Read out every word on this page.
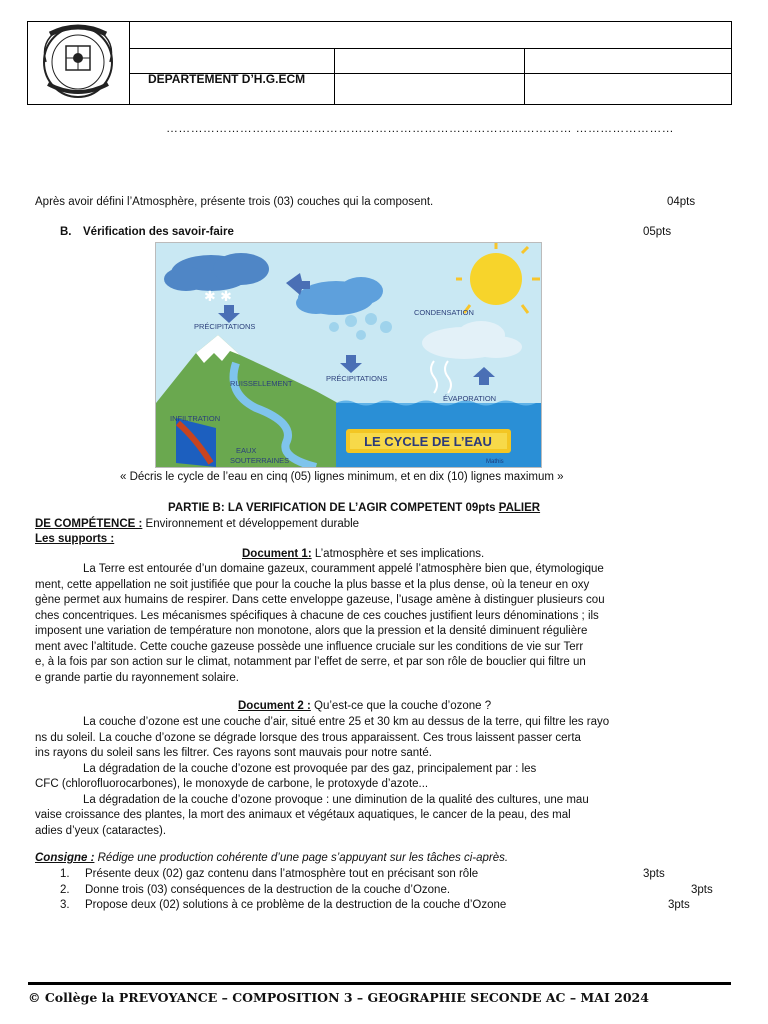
DEPARTEMENT D’H.G.ECM
……………………………………………………………………………………… ……………………
Après avoir défini l’Atmosphère, présente trois (03) couches qui la composent.	04pts
B. Vérification des savoir-faire	05pts
✱ ✱
LE CYCLE DE L’EAU
Mathis
PRÉCIPITATIONS
CONDENSATION
PRÉCIPITATIONS
RUISSELLEMENT
INFILTRATION
ÉVAPORATION
EAUX
SOUTERRAINES
« Décris le cycle de l’eau en cinq (05) lignes minimum, et en dix (10) lignes maximum »
PARTIE B: LA VERIFICATION DE L’AGIR COMPETENT 09pts PALIER
DE COMPÉTENCE : Environnement et développement durable
Les supports :
Document 1: L’atmosphère et ses implications.
La Terre est entourée d’un domaine gazeux, couramment appelé l’atmosphère bien que, étymologique
ment, cette appellation ne soit justifiée que pour la couche la plus basse et la plus dense, où la teneur en oxy
gène permet aux humains de respirer. Dans cette enveloppe gazeuse, l’usage amène à distinguer plusieurs cou
ches concentriques. Les mécanismes spécifiques à chacune de ces couches justifient leurs dénominations ; ils
imposent une variation de température non monotone, alors que la pression et la densité diminuent régulière
ment avec l’altitude. Cette couche gazeuse possède une influence cruciale sur les conditions de vie sur Terr
e, à la fois par son action sur le climat, notamment par l’effet de serre, et par son rôle de bouclier qui filtre un
e grande partie du rayonnement solaire.
Document 2 : Qu’est-ce que la couche d’ozone ?
La couche d’ozone est une couche d’air, situé entre 25 et 30 km au dessus de la terre, qui filtre les rayo
ns du soleil. La couche d’ozone se dégrade lorsque des trous apparaissent. Ces trous laissent passer certa
ins rayons du soleil sans les filtrer. Ces rayons sont mauvais pour notre santé.
La dégradation de la couche d’ozone est provoquée par des gaz, principalement par : les
CFC (chlorofluorocarbones), le monoxyde de carbone, le protoxyde d’azote...
La dégradation de la couche d’ozone provoque : une diminution de la qualité des cultures, une mau
vaise croissance des plantes, la mort des animaux et végétaux aquatiques, le cancer de la peau, des mal
adies d’yeux (cataractes).
Consigne : Rédige une production cohérente d’une page s’appuyant sur les tâches ci-après.
1. Présente deux (02) gaz contenu dans l’atmosphère tout en précisant son rôle	3pts
2. Donne trois (03) conséquences de la destruction de la couche d’Ozone.	3pts
3. Propose deux (02) solutions à ce problème de la destruction de la couche d’Ozone	3pts
© Collège la PREVOYANCE – COMPOSITION 3 – GEOGRAPHIE SECONDE AC – MAI 2024
